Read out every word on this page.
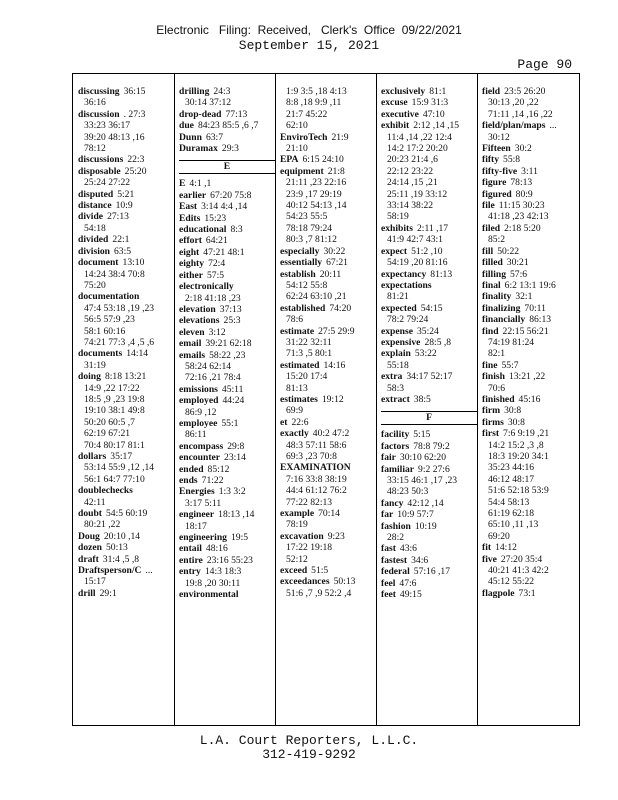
Electronic   Filing:  Received,   Clerk's  Office  09/22/2021
September 15, 2021
Page 90
discussing 36:15
36:16
discussion . 27:3
33:23 36:17
39:20 48:13 ,16
78:12
discussions 22:3
disposable 25:20
25:24 27:22
disputed 5:21
distance 10:9
divide 27:13
54:18
divided 22:1
division 63:5
document 13:10
14:24 38:4 70:8
75:20
documentation
47:4 53:18 ,19 ,23
56:5 57:9 ,23
58:1 60:16
74:21 77:3 ,4 ,5 ,6
documents 14:14
31:19
doing 8:18 13:21
14:9 ,22 17:22
18:5 ,9 ,23 19:8
19:10 38:1 49:8
50:20 60:5 ,7
62:19 67:21
70:4 80:17 81:1
dollars 35:17
53:14 55:9 ,12 ,14
56:1 64:7 77:10
doublechecks
42:11
doubt 54:5 60:19
80:21 ,22
Doug 20:10 ,14
dozen 50:13
draft 31:4 ,5 ,8
Draftsperson/C ...
15:17
drill 29:1
drilling 24:3
30:14 37:12
drop-dead 77:13
due 84:23 85:5 ,6 ,7
Dunn 63:7
Duramax 29:3
E
E 4:1 ,1
earlier 67:20 75:8
East 3:14 4:4 ,14
Edits 15:23
educational 8:3
effort 64:21
eight 47:21 48:1
eighty 72:4
either 57:5
electronically
2:18 41:18 ,23
elevation 37:13
elevations 25:3
eleven 3:12
email 39:21 62:18
emails 58:22 ,23
58:24 62:14
72:16 ,21 78:4
emissions 45:11
employed 44:24
86:9 ,12
employee 55:1
86:11
encompass 29:8
encounter 23:14
ended 85:12
ends 71:22
Energies 1:3 3:2
3:17 5:11
engineer 18:13 ,14
18:17
engineering 19:5
entail 48:16
entire 23:16 55:23
entry 14:3 18:3
19:8 ,20 30:11
environmental
1:9 3:5 ,18 4:13
8:8 ,18 9:9 ,11
21:7 45:22
62:10
EnviroTech 21:9
21:10
EPA 6:15 24:10
equipment 21:8
21:11 ,23 22:16
23:9 ,17 29:19
40:12 54:13 ,14
54:23 55:5
78:18 79:24
80:3 ,7 81:12
especially 30:22
essentially 67:21
establish 20:11
54:12 55:8
62:24 63:10 ,21
established 74:20
78:6
estimate 27:5 29:9
31:22 32:11
71:3 ,5 80:1
estimated 14:16
15:20 17:4
81:13
estimates 19:12
69:9
et 22:6
exactly 40:2 47:2
48:3 57:11 58:6
69:3 ,23 70:8
EXAMINATION
7:16 33:8 38:19
44:4 61:12 76:2
77:22 82:13
example 70:14
78:19
excavation 9:23
17:22 19:18
52:12
exceed 51:5
exceedances 50:13
51:6 ,7 ,9 52:2 ,4
exclusively 81:1
excuse 15:9 31:3
executive 47:10
exhibit 2:12 ,14 ,15
11:4 ,14 ,22 12:4
14:2 17:2 20:20
20:23 21:4 ,6
22:12 23:22
24:14 ,15 ,21
25:11 ,19 33:12
33:14 38:22
58:19
exhibits 2:11 ,17
41:9 42:7 43:1
expect 51:2 ,10
54:19 ,20 81:16
expectancy 81:13
expectations
81:21
expected 54:15
78:2 79:24
expense 35:24
expensive 28:5 ,8
explain 53:22
55:18
extra 34:17 52:17
58:3
extract 38:5
F
facility 5:15
factors 78:8 79:2
fair 30:10 62:20
familiar 9:2 27:6
33:15 46:1 ,17 ,23
48:23 50:3
fancy 42:12 ,14
far 10:9 57:7
fashion 10:19
28:2
fast 43:6
fastest 34:6
federal 57:16 ,17
feel 47:6
feet 49:15
field 23:5 26:20
30:13 ,20 ,22
71:11 ,14 ,16 ,22
field/plan/maps ...
30:12
Fifteen 30:2
fifty 55:8
fifty-five 3:11
figure 78:13
figured 80:9
file 11:15 30:23
41:18 ,23 42:13
filed 2:18 5:20
85:2
fill 50:22
filled 30:21
filling 57:6
final 6:2 13:1 19:6
finality 32:1
finalizing 70:11
financially 86:13
find 22:15 56:21
74:19 81:24
82:1
fine 55:7
finish 13:21 ,22
70:6
finished 45:16
firm 30:8
firms 30:8
first 7:6 9:19 ,21
14:2 15:2 ,3 ,8
18:3 19:20 34:1
35:23 44:16
46:12 48:17
51:6 52:18 53:9
54:4 58:13
61:19 62:18
65:10 ,11 ,13
69:20
fit 14:12
five 27:20 35:4
40:21 41:3 42:2
45:12 55:22
flagpole 73:1
L.A. Court Reporters, L.L.C.
312-419-9292
